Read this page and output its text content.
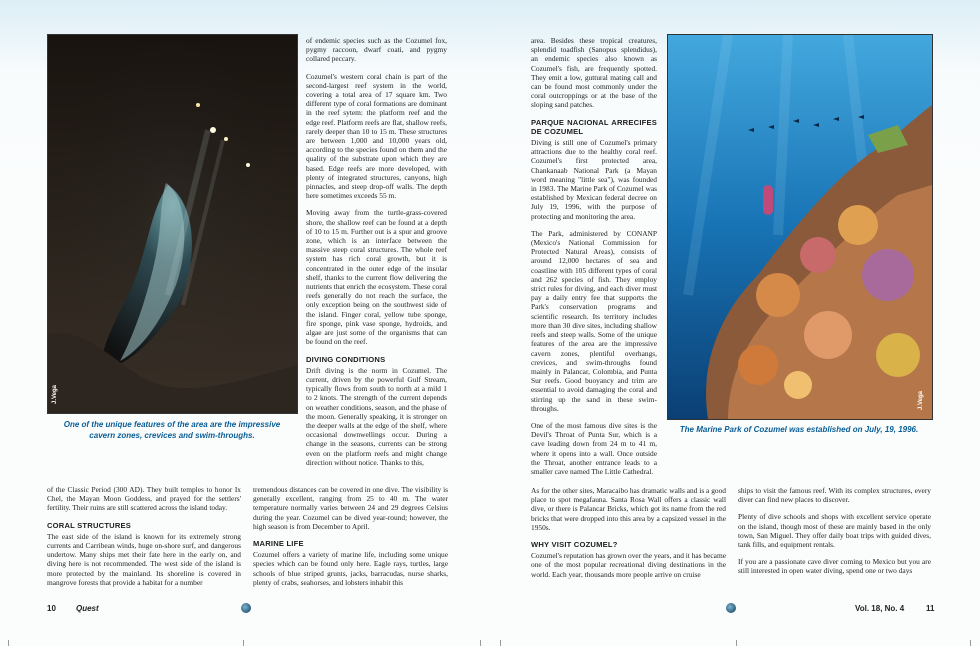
J.Vega
One of the unique features of the area are the impressive cavern zones, crevices and swim-throughs.

of endemic species such as the Cozumel fox, pygmy raccoon, dwarf coati, and pygmy collared peccary.

Cozumel's western coral chain is part of the second-largest reef system in the world, covering a total area of 17 square km. Two different type of coral formations are dominant in the reef sytem: the platform reef and the edge reef. Platform reefs are flat, shallow reefs, rarely deeper than 10 to 15 m. These structures are between 1,000 and 10,000 years old, according to the species found on them and the quality of the substrate upon which they are based. Edge reefs are more developed, with plenty of integrated structures, canyons, high pinnacles, and steep drop-off walls. The depth here sometimes exceeds 55 m.

Moving away from the turtle-grass-covered shore, the shallow reef can be found at a depth of 10 to 15 m. Further out is a spur and groove zone, which is an interface between the massive steep coral structures. The whole reef system has rich coral growth, but it is concentrated in the outer edge of the insular shelf, thanks to the current flow delivering the nutrients that enrich the ecosystem. These coral reefs generally do not reach the surface, the only exception being on the southwest side of the island. Finger coral, yellow tube sponge, fire sponge, pink vase sponge, hydroids, and algae are just some of the organisms that can be found on the reef.

DIVING CONDITIONS

Drift diving is the norm in Cozumel. The current, driven by the powerful Gulf Stream, typically flows from south to north at a mild 1 to 2 knots. The strength of the current depends on weather conditions, season, and the phase of the moon. Generally speaking, it is stronger on the deeper walls at the edge of the shelf, where occasional downwellings occur. During a change in the seasons, currents can be strong even on the platform reefs and might change direction without notice. Thanks to this,

of the Classic Period (300 AD). They built temples to honor Ix Chel, the Mayan Moon Goddess, and prayed for the settlers' fertility. Their ruins are still scattered across the island today.

CORAL STRUCTURES

The east side of the island is known for its extremely strong currents and Carribean winds, huge on-shore surf, and dangerous undertow. Many ships met their fate here in the early on, and diving here is not recommended. The west side of the island is more protected by the mainland. Its shoreline is covered in mangrove forests that provide a habitat for a number

tremendous distances can be covered in one dive. The visibility is generally excellent, ranging from 25 to 40 m. The water temperature normally varies between 24 and 29 degrees Celsius during the year. Cozumel can be dived year-round; however, the high season is from December to April.

MARINE LIFE

Cozumel offers a variety of marine life, including some unique species which can be found only here. Eagle rays, turtles, large schools of blue striped grunts, jacks, barracudas, nurse sharks, plenty of crabs, seahorses, and lobsters inhabit this

10	Quest

area. Besides these tropical creatures, splendid toadfish (Sanopus splendidus), an endemic species also known as Cozumel's fish, are frequently spotted. They emit a low, guttural mating call and can be found most commonly under the coral outcroppings or at the base of the sloping sand patches.

PARQUE NACIONAL ARRECIFES DE COZUMEL

Diving is still one of Cozumel's primary attractions due to the healthy coral reef. Cozumel's first protected area, Chankanaab National Park (a Mayan word meaning "little sea"), was founded in 1983. The Marine Park of Cozumel was established by Mexican federal decree on July 19, 1996, with the purpose of protecting and monitoring the area.

The Park, administered by CONANP (Mexico's National Commission for Protected Natural Areas), consists of around 12,000 hectares of sea and coastline with 105 different types of coral and 262 species of fish. They employ strict rules for diving, and each diver must pay a daily entry fee that supports the Park's conservation programs and scientific research. Its territory includes more than 30 dive sites, including shallow reefs and steep walls. Some of the unique features of the area are the impressive cavern zones, plentiful overhangs, crevices, and swim-throughs found mainly in Palancar, Colombia, and Punta Sur reefs. Good buoyancy and trim are essential to avoid damaging the coral and stirring up the sand in these swim-throughs.

One of the most famous dive sites is the Devil's Throat of Punta Sur, which is a cave leading down from 24 m to 41 m, where it opens into a wall. Once outside the Throat, another entrance leads to a smaller cave named The Little Cathedral.

J.Vega
The Marine Park of Cozumel was established on July, 19, 1996.

As for the other sites, Maracaibo has dramatic walls and is a good place to spot megafauna. Santa Rosa Wall offers a classic wall dive, or there is Palancar Bricks, which got its name from the red bricks that were dropped into this area by a capsized vessel in the 1950s.

WHY VISIT COZUMEL?

Cozumel's reputation has grown over the years, and it has became one of the most popular recreational diving destinations in the world. Each year, thousands more people arrive on cruise

ships to visit the famous reef. With its complex structures, every diver can find new places to discover.

Plenty of dive schools and shops with excellent service operate on the island, though most of these are mainly based in the only town, San Miguel. They offer daily boat trips with guided dives, tank fills, and equipment rentals.

If you are a passionate cave diver coming to Mexico but you are still interested in open water diving, spend one or two days

Vol. 18, No. 4	11
